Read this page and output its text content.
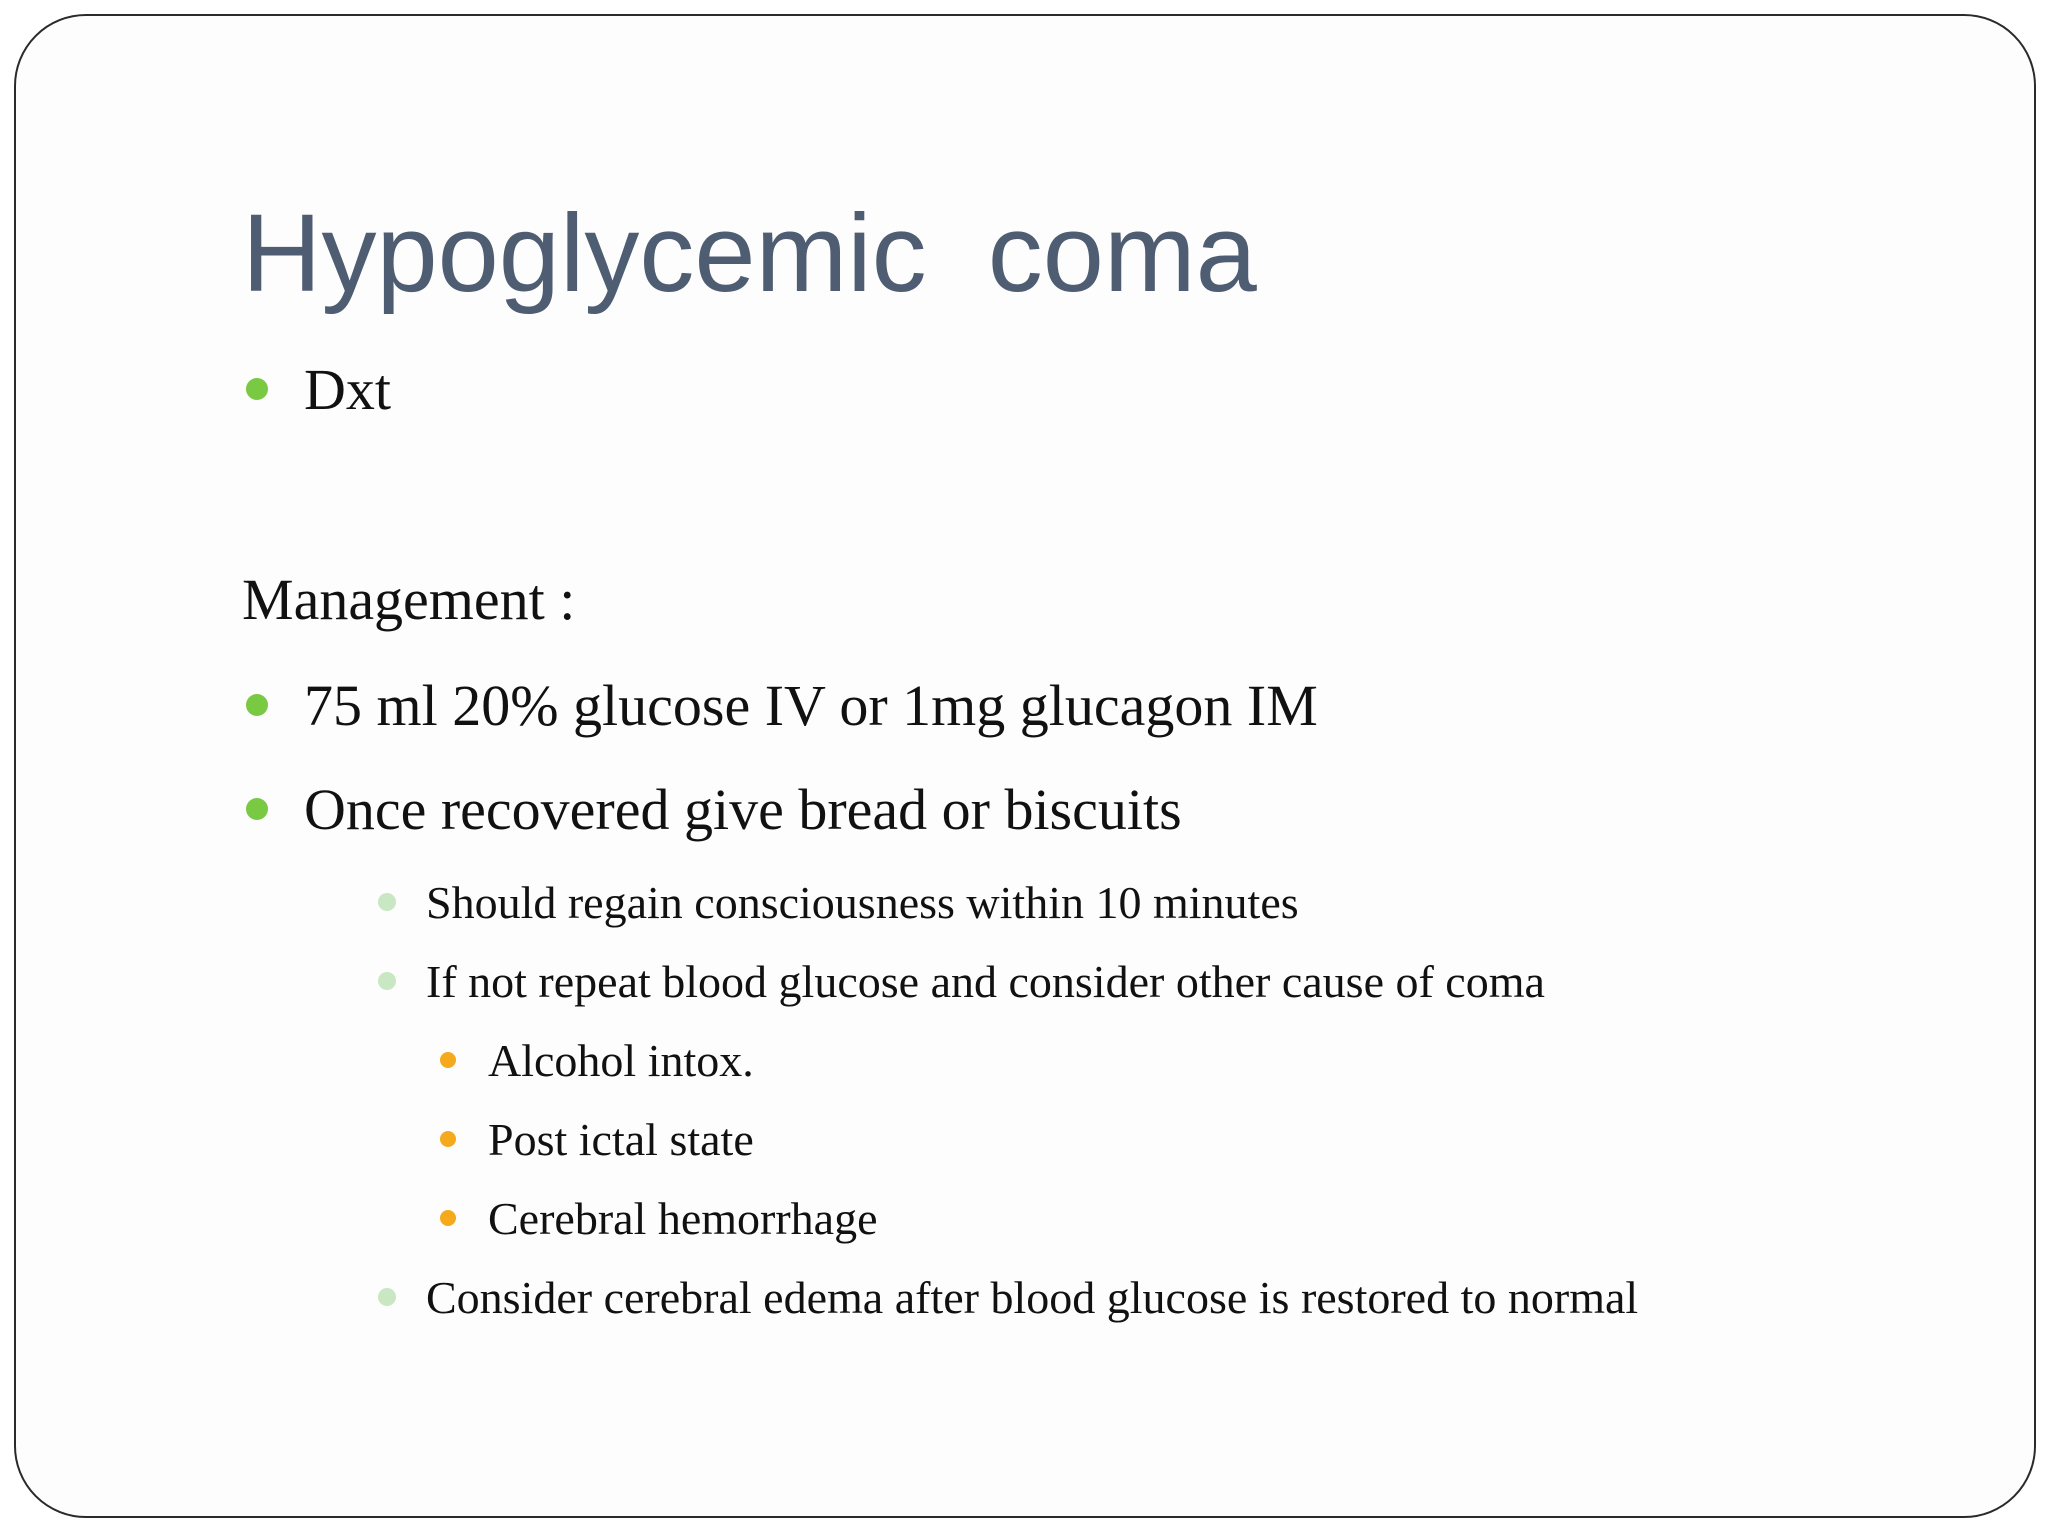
Hypoglycemic  coma
Dxt
Management :
75 ml 20% glucose IV or 1mg glucagon IM
Once recovered give bread or biscuits
Should regain consciousness within 10 minutes
If not repeat blood glucose and consider other cause of coma
Alcohol intox.
Post ictal state
Cerebral hemorrhage
Consider cerebral edema after blood glucose is restored to normal
